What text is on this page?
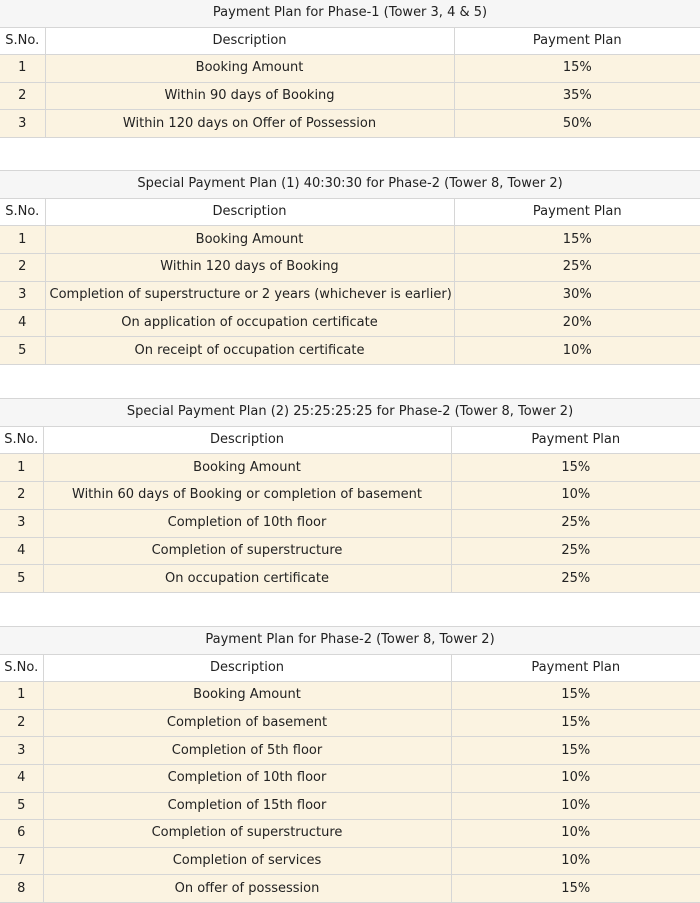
Payment Plan for Phase-1 (Tower 3, 4 & 5)		
S.No.	Description	Payment Plan
1	Booking Amount	15%
2	Within 90 days of Booking	35%
3	Within 120 days on Offer of Possession	50%
Special Payment Plan (1) 40:30:30 for Phase-2 (Tower 8, Tower 2)		
S.No.	Description	Payment Plan
1	Booking Amount	15%
2	Within 120 days of Booking	25%
3	Completion of superstructure or 2 years (whichever is earlier)	30%
4	On application of occupation certificate	20%
5	On receipt of occupation certificate	10%
Special Payment Plan (2) 25:25:25:25 for Phase-2 (Tower 8, Tower 2)		
S.No.	Description	Payment Plan
1	Booking Amount	15%
2	Within 60 days of Booking or completion of basement	10%
3	Completion of 10th floor	25%
4	Completion of superstructure	25%
5	On occupation certificate	25%
Payment Plan for Phase-2 (Tower 8, Tower 2)		
S.No.	Description	Payment Plan
1	Booking Amount	15%
2	Completion of basement	15%
3	Completion of 5th floor	15%
4	Completion of 10th floor	10%
5	Completion of 15th floor	10%
6	Completion of superstructure	10%
7	Completion of services	10%
8	On offer of possession	15%
